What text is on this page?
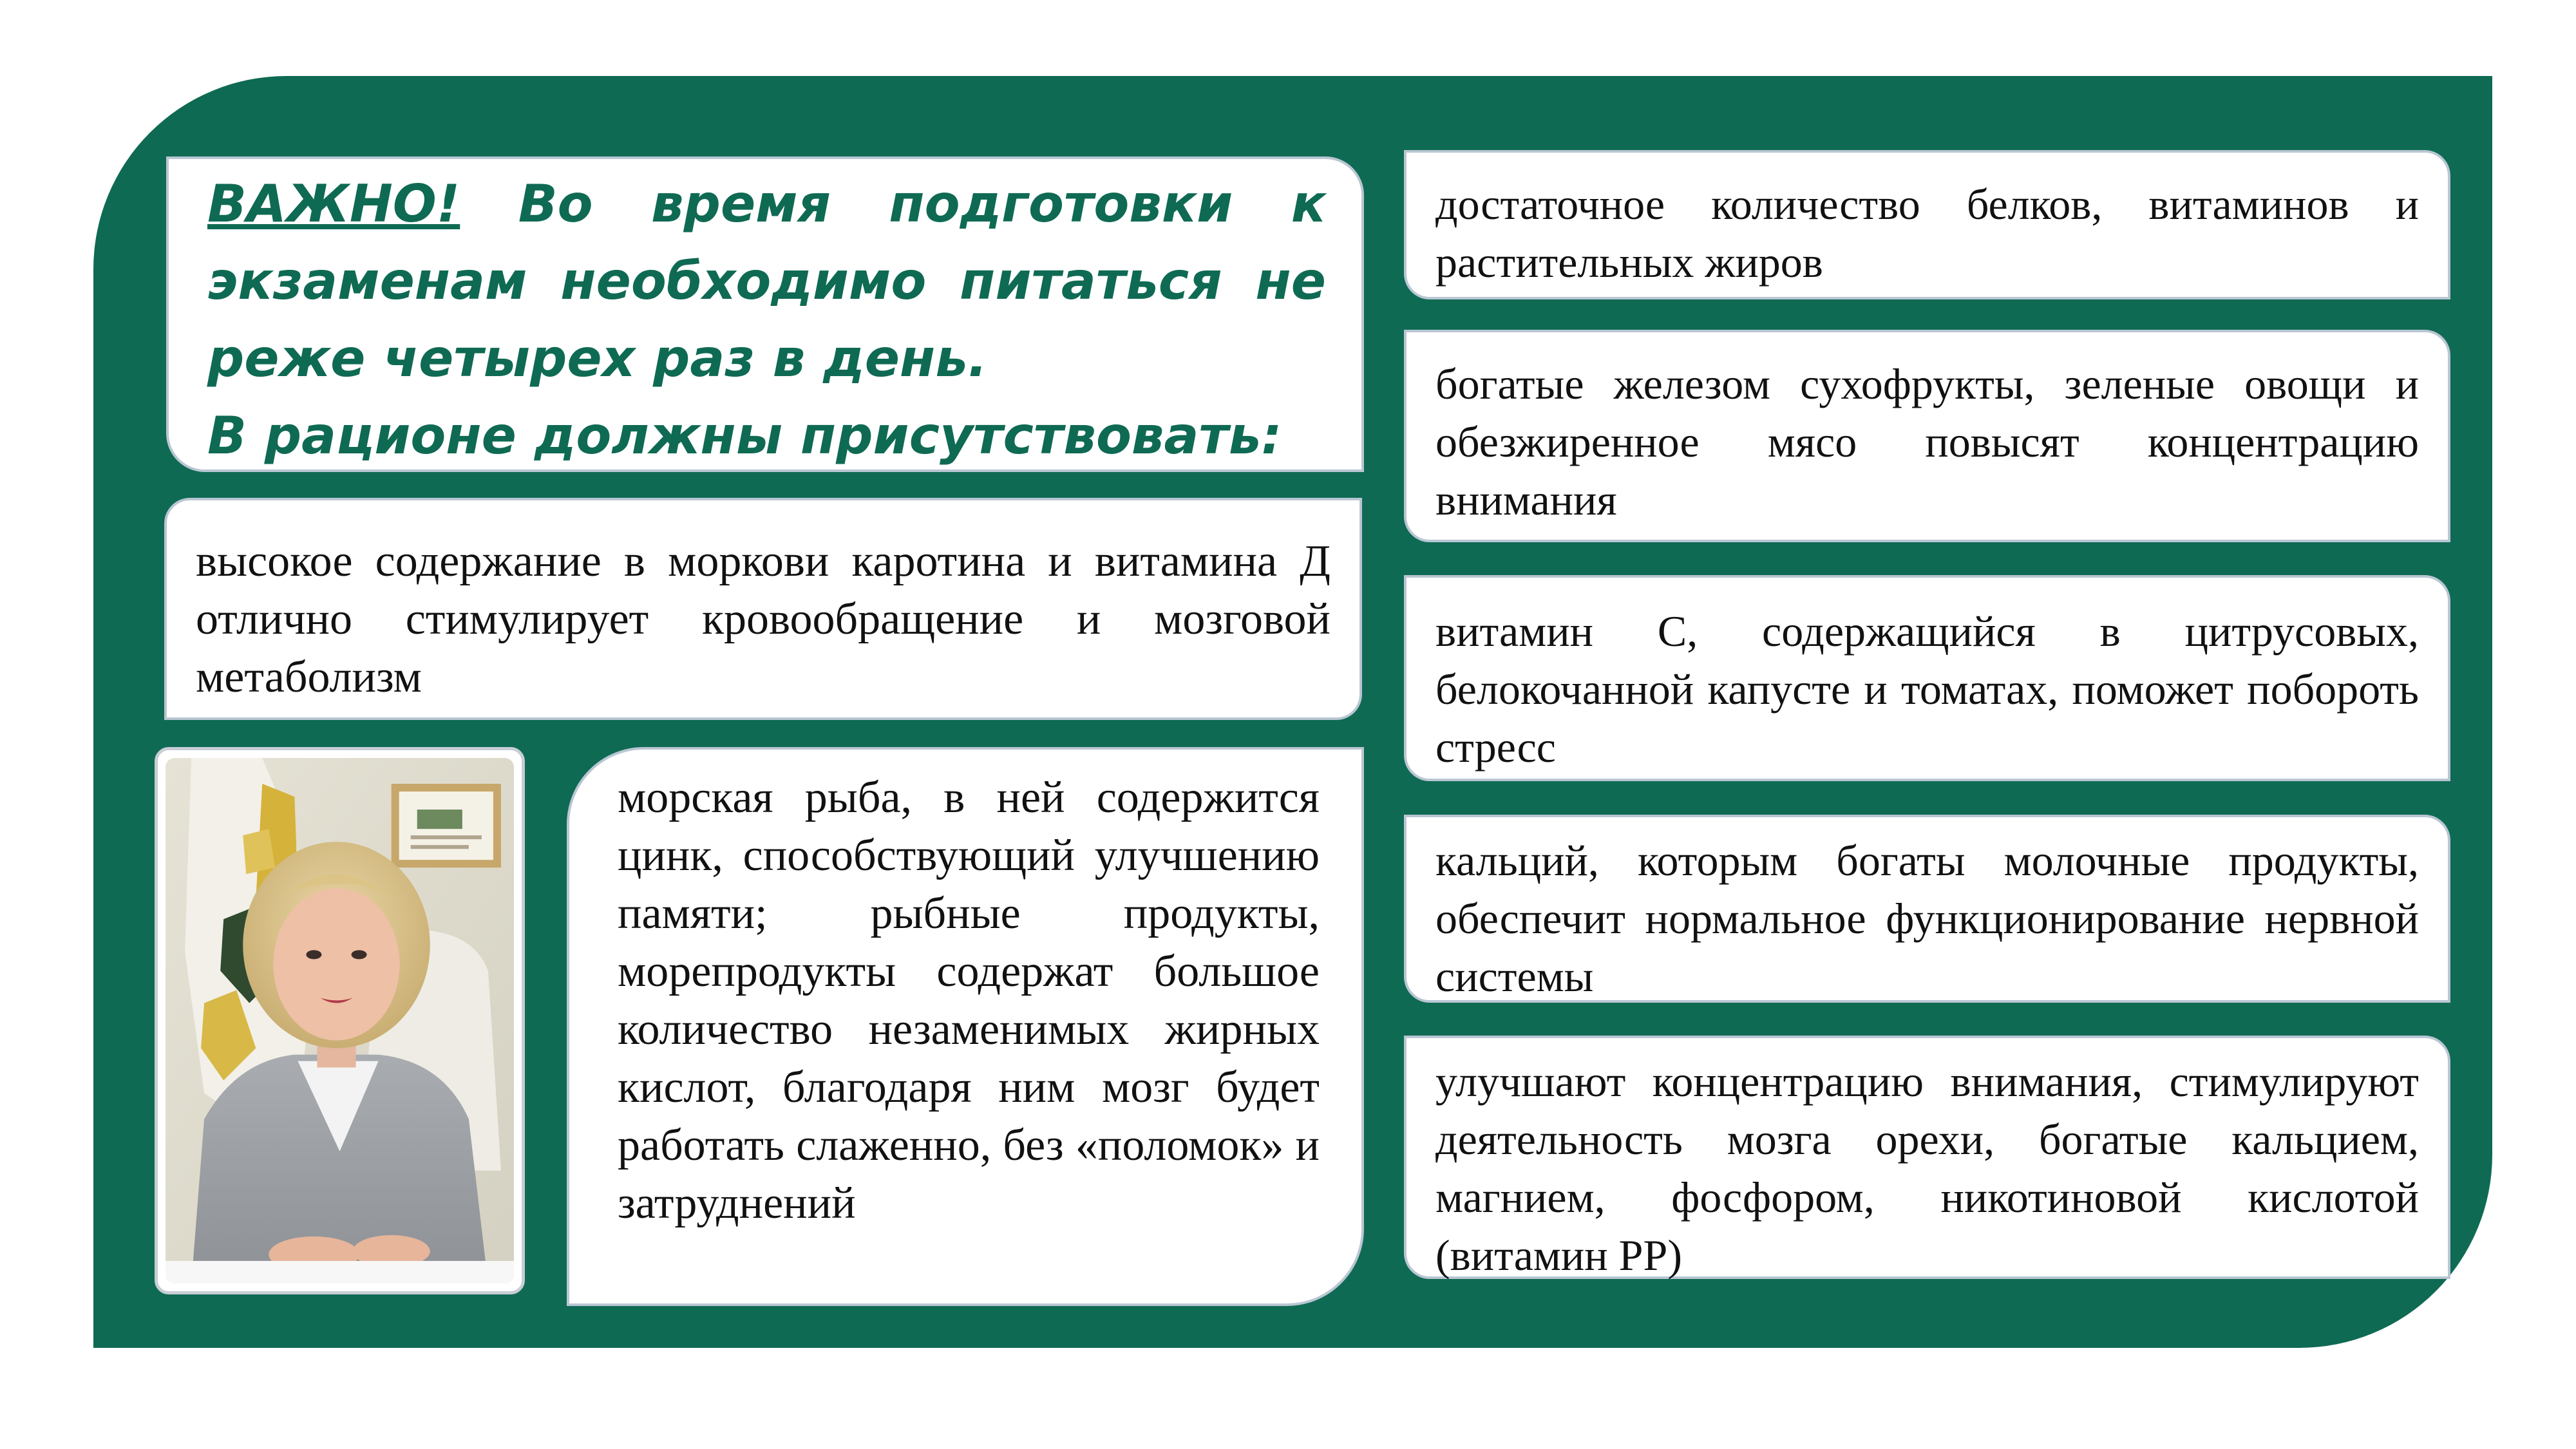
ВАЖНО! Во время подготовки к экзаменам необходимо питаться не реже четырех раз в день.
В рационе должны присутствовать:

высокое содержание в моркови каротина и витамина Д отлично стимулирует кровообращение и мозговой метаболизм
морская рыба, в ней содержится цинк, способствующий улучшению памяти; рыбные продукты, морепродукты содержат большое количество незаменимых жирных кислот, благодаря ним мозг будет работать слаженно, без «поломок» и затруднений
достаточное количество белков, витаминов и растительных жиров
богатые железом сухофрукты, зеленые овощи и обезжиренное мясо повысят концентрацию внимания
витамин С, содержащийся в цитрусовых, белокочанной капусте и томатах, поможет побороть стресс
кальций, которым богаты молочные продукты, обеспечит нормальное функционирование нервной системы
улучшают концентрацию внимания, стимулируют деятельность мозга орехи, богатые кальцием, магнием, фосфором, никотиновой кислотой (витамин PP)
